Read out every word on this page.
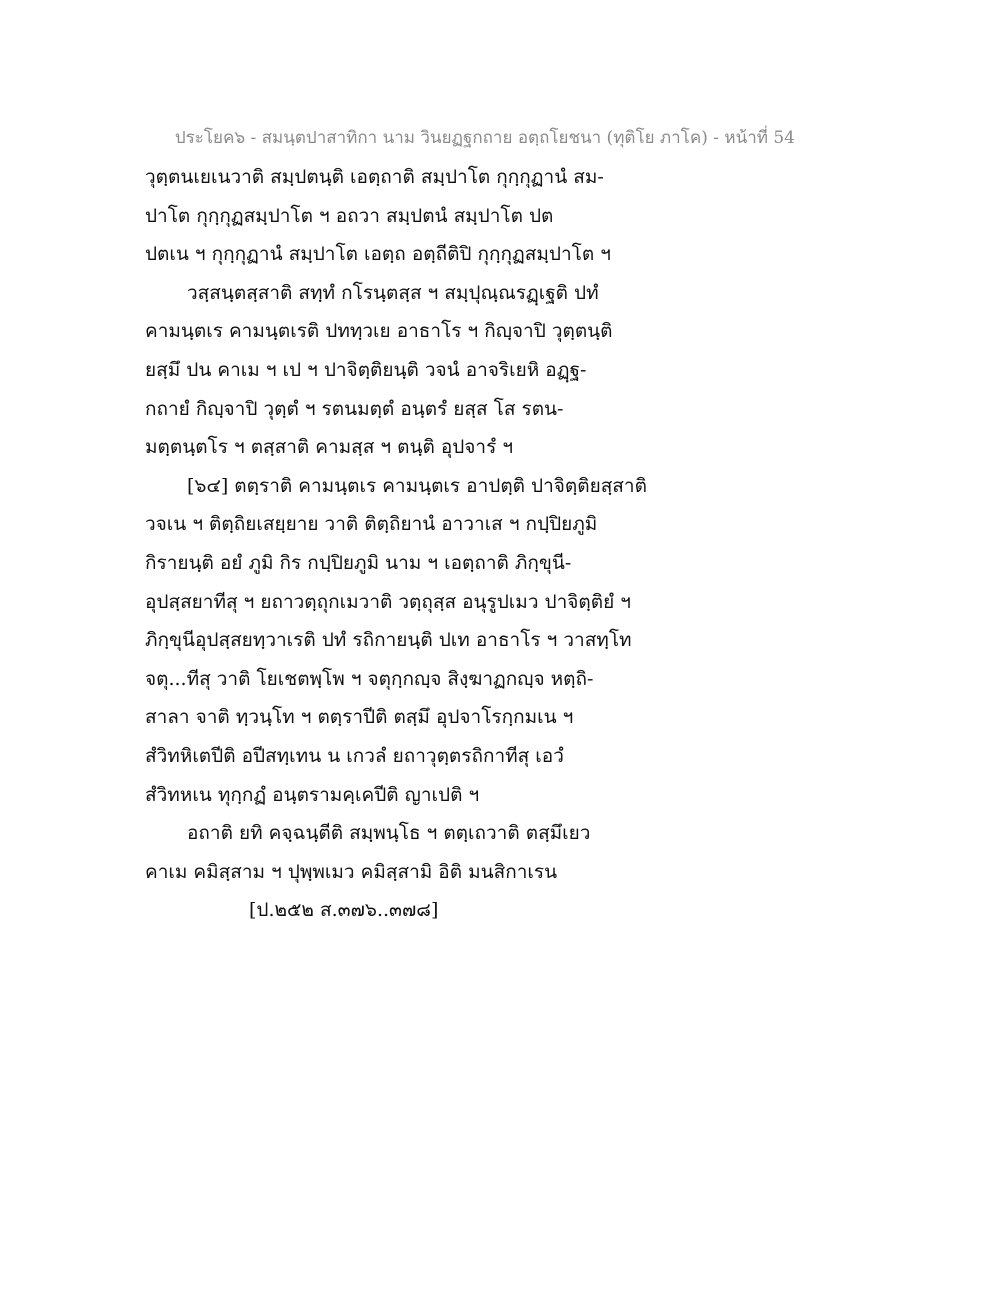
ประโยค๖ - สมนฺตปาสาทิกา นาม วินยฏฐกถาย อตฺถโยชนา (ทุติโย ภาโค) - หน้าที่ 54
วุตฺตนเยเนวาติ สมฺปตนฺติ เอตฺถาติ สมฺปาโต กุกฺกุฏานํ สม-
ปาโต กุกฺกุฏสมฺปาโต ฯ อถวา สมฺปตนํ สมฺปาโต ปต
ปตเน ฯ กุกฺกุฏานํ สมฺปาโต เอตฺถ อตฺถีติปิ กุกฺกุฏสมฺปาโต ฯ
วสฺสนฺตสฺสาติ สทฺทํ กโรนฺตสฺส ฯ สมฺปุณฺณรฏฺเฐติ ปทํ
คามนฺตเร คามนฺตเรติ ปททฺวเย อาธาโร ฯ กิญฺจาปิ วุตฺตนฺติ
ยสฺมึ ปน คาเม ฯ เป ฯ ปาจิตฺติยนฺติ วจนํ อาจริเยหิ อฏฺฐ-
กถายํ กิญฺจาปิ วุตฺตํ ฯ รตนมตฺตํ อนฺตรํ ยสฺส โส รตน-
มตฺตนฺตโร ฯ ตสฺสาติ คามสฺส ฯ ตนฺติ อุปจารํ ฯ
[๖๔] ตตฺราติ คามนฺตเร คามนฺตเร อาปตฺติ ปาจิตฺติยสฺสาติ
วจเน ฯ ติตฺถิยเสยฺยาย วาติ ติตฺถิยานํ อาวาเส ฯ กปฺปิยภูมิ
กิรายนฺติ อยํ ภูมิ กิร กปฺปิยภูมิ นาม ฯ เอตฺถาติ ภิกฺขุนี-
อุปสฺสยาทีสุ ฯ ยถาวตฺถุกเมวาติ วตฺถุสฺส อนุรูปเมว ปาจิตฺติยํ ฯ
ภิกฺขุนีอุปสฺสยทฺวาเรติ ปทํ รถิกายนฺติ ปเท อาธาโร ฯ วาสทฺโท
จตุ...ทีสุ วาติ โยเชตพฺโพ ฯ จตุกฺกญฺจ สิงฺฆาฏกญฺจ หตฺถิ-
สาลา จาติ ทฺวนฺโท ฯ ตตฺราปีติ ตสฺมึ อุปจาโรกฺกมเน ฯ
สํวิทหิเตปีติ อปีสทฺเทน น เกวลํ ยถาวุตฺตรถิกาทีสุ เอวํ
สํวิทหเน ทุกฺกฏํ อนฺตรามคฺเคปีติ ญาเปติ ฯ
อถาติ ยทิ คจฺฉนฺตีติ สมฺพนฺโธ ฯ ตตฺเถวาติ ตสฺมึเยว
คาเม คมิสฺสาม ฯ ปุพฺพเมว คมิสฺสามิ อิติ มนสิกาเรน
[ป.๒๕๒ ส.๓๗๖..๓๗๘]
